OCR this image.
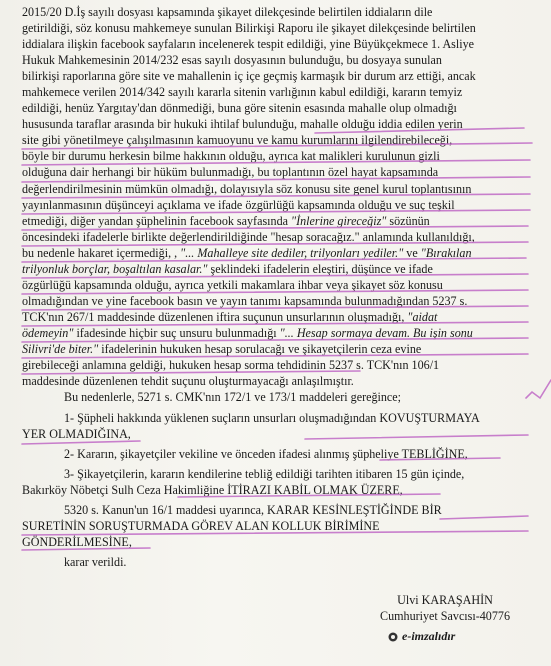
2015/20 D.İş sayılı dosyası kapsamında şikayet dilekçesinde belirtilen iddiaların dile
getirildiği, söz konusu mahkemeye sunulan Bilirkişi Raporu ile şikayet dilekçesinde belirtilen
iddialara ilişkin facebook sayfaların incelenerek tespit edildiği, yine Büyükçekmece 1. Asliye
Hukuk Mahkemesinin 2014/232 esas sayılı dosyasının bulunduğu, bu dosyaya sunulan
bilirkişi raporlarına göre site ve mahallenin iç içe geçmiş karmaşık bir durum arz ettiği, ancak
mahkemece verilen 2014/342 sayılı kararla sitenin varlığının kabul edildiği, kararın temyiz
edildiği, henüz Yargıtay'dan dönmediği, buna göre sitenin esasında mahalle olup olmadığı
hususunda taraflar arasında bir hukuki ihtilaf bulunduğu, mahalle olduğu iddia edilen yerin
site gibi yönetilmeye çalışılmasının kamuoyunu ve kamu kurumlarını ilgilendirebileceği,
böyle bir durumu herkesin bilme hakkının olduğu, ayrıca kat malikleri kurulunun gizli
olduğuna dair herhangi bir hüküm bulunmadığı, bu toplantının özel hayat kapsamında
değerlendirilmesinin mümkün olmadığı, dolayısıyla söz konusu site genel kurul toplantısının
yayınlanmasının düşünceyi açıklama ve ifade özgürlüğü kapsamında olduğu ve suç teşkil
etmediği, diğer yandan şüphelinin facebook sayfasında "İnlerine gireceğiz" sözünün
öncesindeki ifadelerle birlikte değerlendirildiğinde "hesap soracağız." anlamında kullanıldığı,
bu nedenle hakaret içermediği, , "... Mahalleye site dediler, trilyonları yediler." ve "Bırakılan
trilyonluk borçlar, boşaltılan kasalar." şeklindeki ifadelerin eleştiri, düşünce ve ifade
özgürlüğü kapsamında olduğu, ayrıca yetkili makamlara ihbar veya şikayet söz konusu
olmadığından ve yine facebook basın ve yayın tanımı kapsamında bulunmadığından 5237 s.
TCK'nın 267/1 maddesinde düzenlenen iftira suçunun unsurlarının oluşmadığı, "aidat
ödemeyin" ifadesinde hiçbir suç unsuru bulunmadığı "... Hesap sormaya devam. Bu işin sonu
Silivri'de biter." ifadelerinin hukuken hesap sorulacağı ve şikayetçilerin ceza evine
girebileceği anlamına geldiği, hukuken hesap sorma tehdidinin 5237 s. TCK'nın 106/1
maddesinde düzenlenen tehdit suçunu oluşturmayacağı anlaşılmıştır.
Bu nedenlerle, 5271 s. CMK'nın 172/1 ve 173/1 maddeleri gereğince;
1- Şüpheli hakkında yüklenen suçların unsurları oluşmadığından KOVUŞTURMAYA
YER OLMADIĞINA,
2- Kararın, şikayetçiler vekiline ve önceden ifadesi alınmış şüpheliye TEBLİĞİNE,
3- Şikayetçilerin, kararın kendilerine tebliğ edildiği tarihten itibaren 15 gün içinde,
Bakırköy Nöbetçi Sulh Ceza Hakimliğine İTİRAZI KABİL OLMAK ÜZERE,
5320 s. Kanun'un 16/1 maddesi uyarınca, KARAR KESİNLEŞTİĞİNDE BİR
SURETİNİN SORUŞTURMADA GÖREV ALAN KOLLUK BİRİMİNE
GÖNDERİLMESİNE,
karar verildi.
Ulvi KARAŞAHİN
Cumhuriyet Savcısı-40776
e-imzalıdır
